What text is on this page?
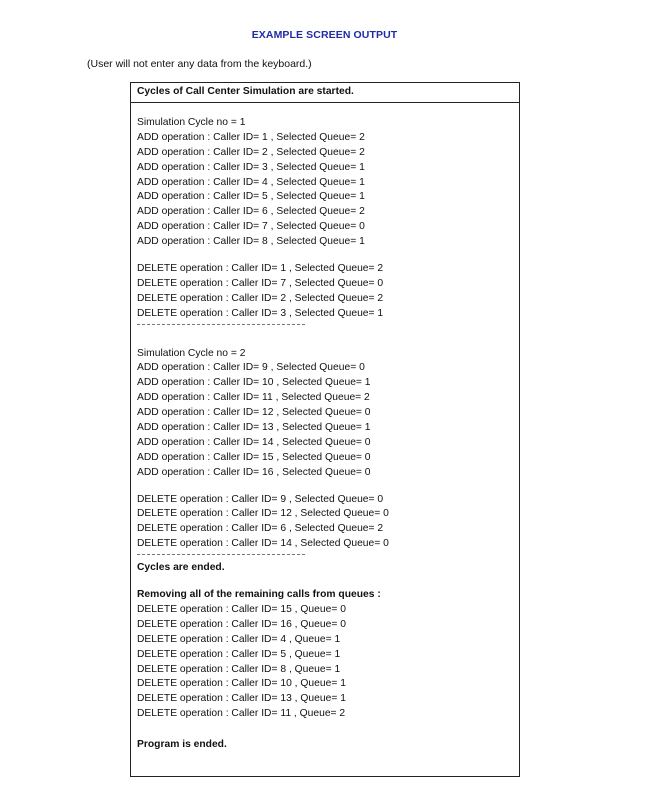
EXAMPLE SCREEN OUTPUT
(User will not enter any data from the keyboard.)
Cycles of Call Center Simulation are started.
Simulation Cycle no = 1
ADD operation : Caller ID= 1 , Selected Queue= 2
ADD operation : Caller ID= 2 , Selected Queue= 2
ADD operation : Caller ID= 3 , Selected Queue= 1
ADD operation : Caller ID= 4 , Selected Queue= 1
ADD operation : Caller ID= 5 , Selected Queue= 1
ADD operation : Caller ID= 6 , Selected Queue= 2
ADD operation : Caller ID= 7 , Selected Queue= 0
ADD operation : Caller ID= 8 , Selected Queue= 1
DELETE operation : Caller ID= 1 , Selected Queue= 2
DELETE operation : Caller ID= 7 , Selected Queue= 0
DELETE operation : Caller ID= 2 , Selected Queue= 2
DELETE operation : Caller ID= 3 , Selected Queue= 1
Simulation Cycle no = 2
ADD operation : Caller ID= 9 , Selected Queue= 0
ADD operation : Caller ID= 10 , Selected Queue= 1
ADD operation : Caller ID= 11 , Selected Queue= 2
ADD operation : Caller ID= 12 , Selected Queue= 0
ADD operation : Caller ID= 13 , Selected Queue= 1
ADD operation : Caller ID= 14 , Selected Queue= 0
ADD operation : Caller ID= 15 , Selected Queue= 0
ADD operation : Caller ID= 16 , Selected Queue= 0
DELETE operation : Caller ID= 9 , Selected Queue= 0
DELETE operation : Caller ID= 12 , Selected Queue= 0
DELETE operation : Caller ID= 6 , Selected Queue= 2
DELETE operation : Caller ID= 14 , Selected Queue= 0
Cycles are ended.
Removing all of the remaining calls from queues :
DELETE operation : Caller ID= 15 , Queue= 0
DELETE operation : Caller ID= 16 , Queue= 0
DELETE operation : Caller ID= 4 , Queue= 1
DELETE operation : Caller ID= 5 , Queue= 1
DELETE operation : Caller ID= 8 , Queue= 1
DELETE operation : Caller ID= 10 , Queue= 1
DELETE operation : Caller ID= 13 , Queue= 1
DELETE operation : Caller ID= 11 , Queue= 2
Program is ended.
